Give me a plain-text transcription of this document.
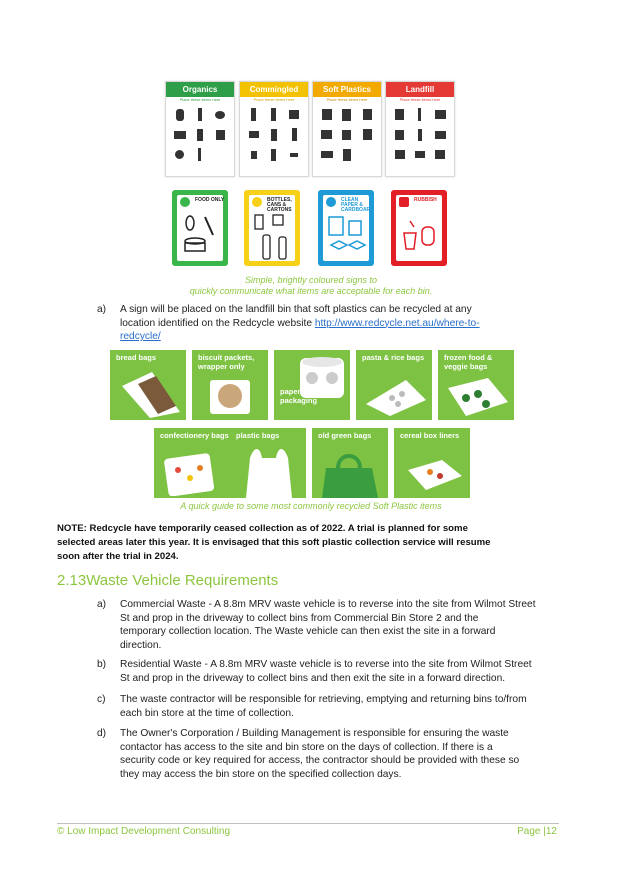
Organics
Place these items here
Commingled
Place these items here
Soft Plastics
Place these items here
Landfill
Place these items here
FOOD ONLY	BOTTLES, CANS & CARTONS
CLEAN PAPER & CARDBOARD
RUBBISH
Simple, brightly coloured signs to
quickly communicate what items are acceptable for each bin.
a) A sign will be placed on the landfill bin that soft plastics can be recycled at any
location identified on the Redcycle website http://www.redcycle.net.au/where-to-
redcycle/
bread bags	biscuit packets, wrapper only
paper goods packaging
pasta & rice bags	frozen food & veggie bags
confectionery bags plastic bags	old green bags	cereal box liners
A quick guide to some most commonly recycled Soft Plastic items
NOTE: Redcycle have temporarily ceased collection as of 2022. A trial is planned for some
selected areas later this year. It is envisaged that this soft plastic collection service will resume
soon after the trial in 2024.
2.13Waste Vehicle Requirements
a) Commercial Waste - A 8.8m MRV waste vehicle is to reverse into the site from Wilmot Street
St and prop in the driveway to collect bins from Commercial Bin Store 2 and the
temporary collection location. The Waste vehicle can then exist the site in a forward
direction.
b) Residential Waste - A 8.8m MRV waste vehicle is to reverse into the site from Wilmot Street
St and prop in the driveway to collect bins and then exit the site in a forward direction.
c) The waste contractor will be responsible for retrieving, emptying and returning bins to/from
each bin store at the time of collection.
d) The Owner's Corporation / Building Management is responsible for ensuring the waste
contactor has access to the site and bin store on the days of collection. If there is a
security code or key required for access, the contractor should be provided with these so
they may access the bin store on the specified collection days.
© Low Impact Development Consulting	Page |12
